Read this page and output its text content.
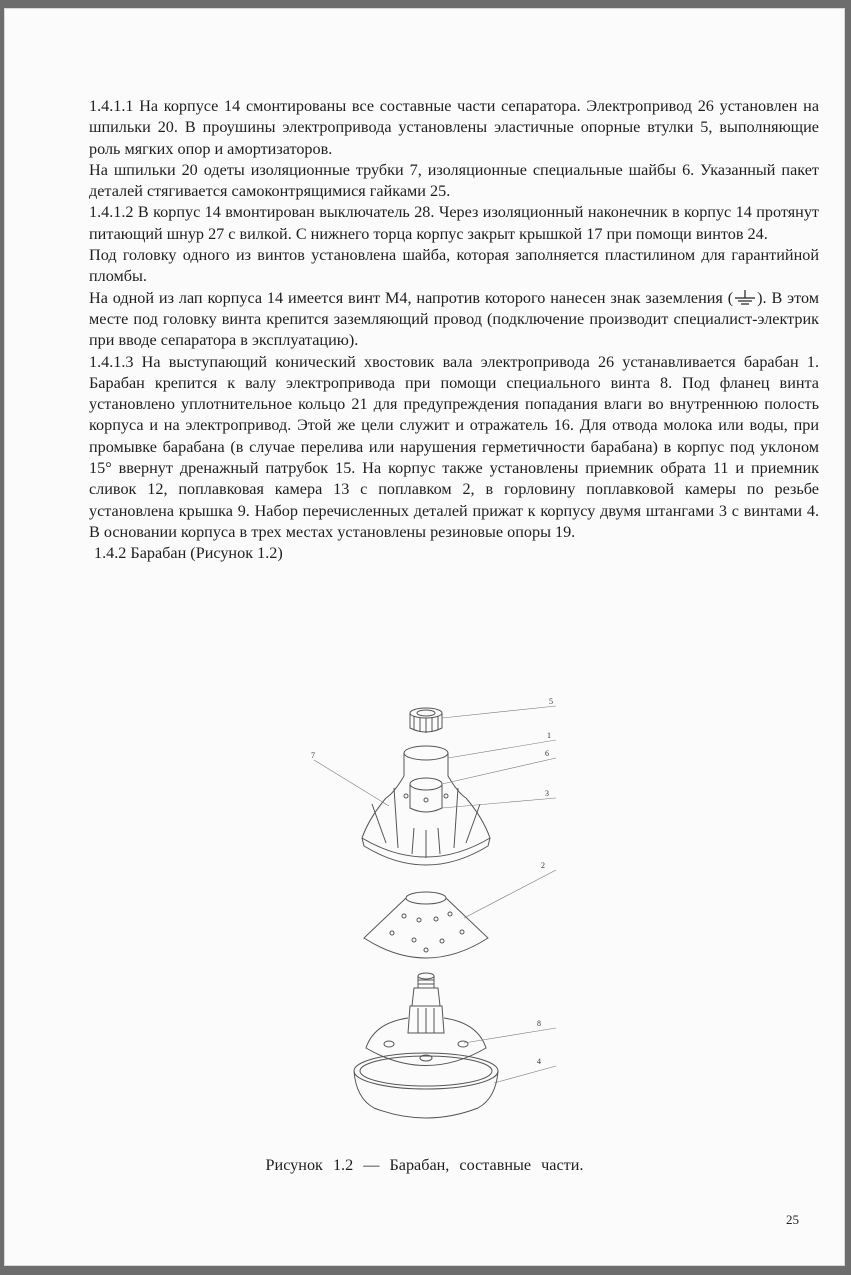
1.4.1.1 На корпусе 14 смонтированы все составные части сепаратора. Электропривод 26 установлен на шпильки 20. В проушины электропривода установлены эластичные опорные втулки 5, выполняющие роль мягких опор и амортизаторов.

На шпильки 20 одеты изоляционные трубки 7, изоляционные специальные шайбы 6. Указанный пакет деталей стягивается самоконтрящимися гайками 25.

1.4.1.2 В корпус 14 вмонтирован выключатель 28. Через изоляционный наконечник в корпус 14 протянут питающий шнур 27 с вилкой. С нижнего торца корпус закрыт крышкой 17 при помощи винтов 24.

Под головку одного из винтов установлена шайба, которая заполняется пластилином для гарантийной пломбы.

На одной из лап корпуса 14 имеется винт М4, напротив которого нанесен знак заземления ( ). В этом месте под головку винта крепится заземляющий провод (подключение производит специалист-электрик при вводе сепаратора в эксплуатацию).

1.4.1.3 На выступающий конический хвостовик вала электропривода 26 устанавливается барабан 1. Барабан крепится к валу электропривода при помощи специального винта 8. Под фланец винта установлено уплотнительное кольцо 21 для предупреждения попадания влаги во внутреннюю полость корпуса и на электропривод. Этой же цели служит и отражатель 16. Для отвода молока или воды, при промывке барабана (в случае перелива или нарушения герметичности барабана) в корпус под уклоном 15° ввернут дренажный патрубок 15. На корпус также установлены приемник обрата 11 и приемник сливок 12, поплавковая камера 13 с поплавком 2, в горловину поплавковой камеры по резьбе установлена крышка 9. Набор перечисленных деталей прижат к корпусу двумя штангами 3 с винтами 4. В основании корпуса в трех местах установлены резиновые опоры 19.

1.4.2 Барабан (Рисунок 1.2)

5
1
6
3
7
2
8
4
Рисунок 1.2 — Барабан, составные части.
25
